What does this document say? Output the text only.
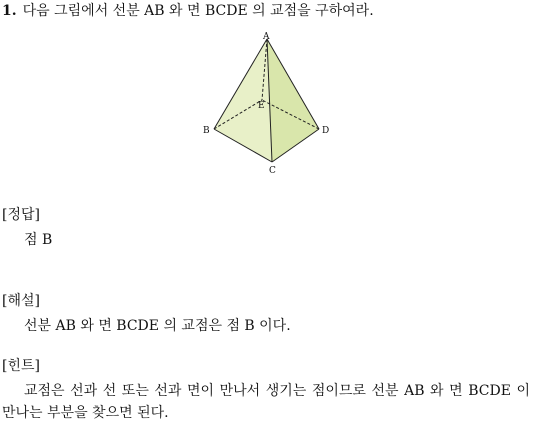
1. 다음 그림에서 선분 AB 와 면 BCDE 의 교점을 구하여라.
A
B
C
D
E
[정답]
점 B
[해설]
선분 AB 와 면 BCDE 의 교점은 점 B 이다.
[힌트]
교점은 선과 선 또는 선과 면이 만나서 생기는 점이므로 선분 AB 와 면 BCDE 이 만나는 부분을 찾으면 된다.
